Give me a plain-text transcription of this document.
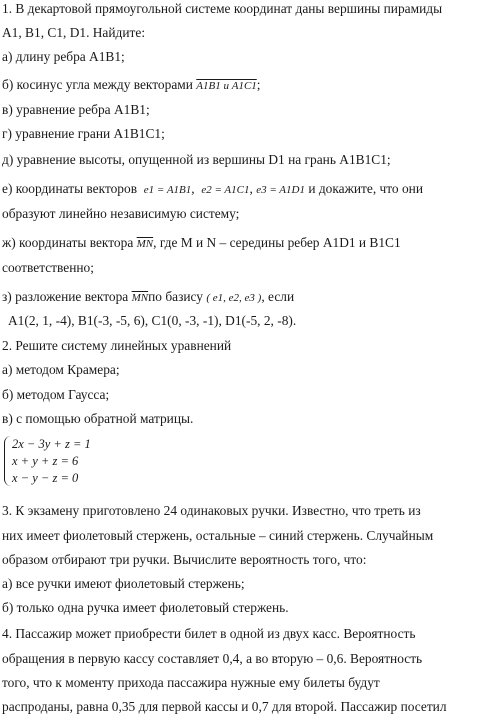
1. В декартовой прямоугольной системе координат даны вершины пирамиды
A1, B1, C1, D1. Найдите:
а) длину ребра A1B1;
б) косинус угла между векторами A1B1 и A1C1;
в) уравнение ребра A1B1;
г) уравнение грани A1B1C1;
д) уравнение высоты, опущенной из вершины D1 на грань A1B1C1;
е) координаты векторов e1 = A1B1,  e2 = A1C1, e3 = A1D1 и докажите, что они
образуют линейно независимую систему;
ж) координаты вектора $\overline{MN}$, где M и N – середины ребер A1D1 и B1C1
соответственно;
з) разложение вектора $\overline{MN}по$ базису ( e1, e2, e3 ), если
A1(2, 1, -4), B1(-3, -5, 6), C1(0, -3, -1), D1(-5, 2, -8).
2. Решите систему линейных уравнений
а) методом Крамера;
б) методом Гаусса;
в) с помощью обратной матрицы.
2x − 3y + z = 1
x + y + z = 6
x − y − z = 0
3. К экзамену приготовлено 24 одинаковых ручки. Известно, что треть из
них имеет фиолетовый стержень, остальные – синий стержень. Случайным
образом отбирают три ручки. Вычислите вероятность того, что:
а) все ручки имеют фиолетовый стержень;
б) только одна ручка имеет фиолетовый стержень.
4. Пассажир может приобрести билет в одной из двух касс. Вероятность
обращения в первую кассу составляет 0,4, а во вторую – 0,6. Вероятность
того, что к моменту прихода пассажира нужные ему билеты будут
распроданы, равна 0,35 для первой кассы и 0,7 для второй. Пассажир посетил
